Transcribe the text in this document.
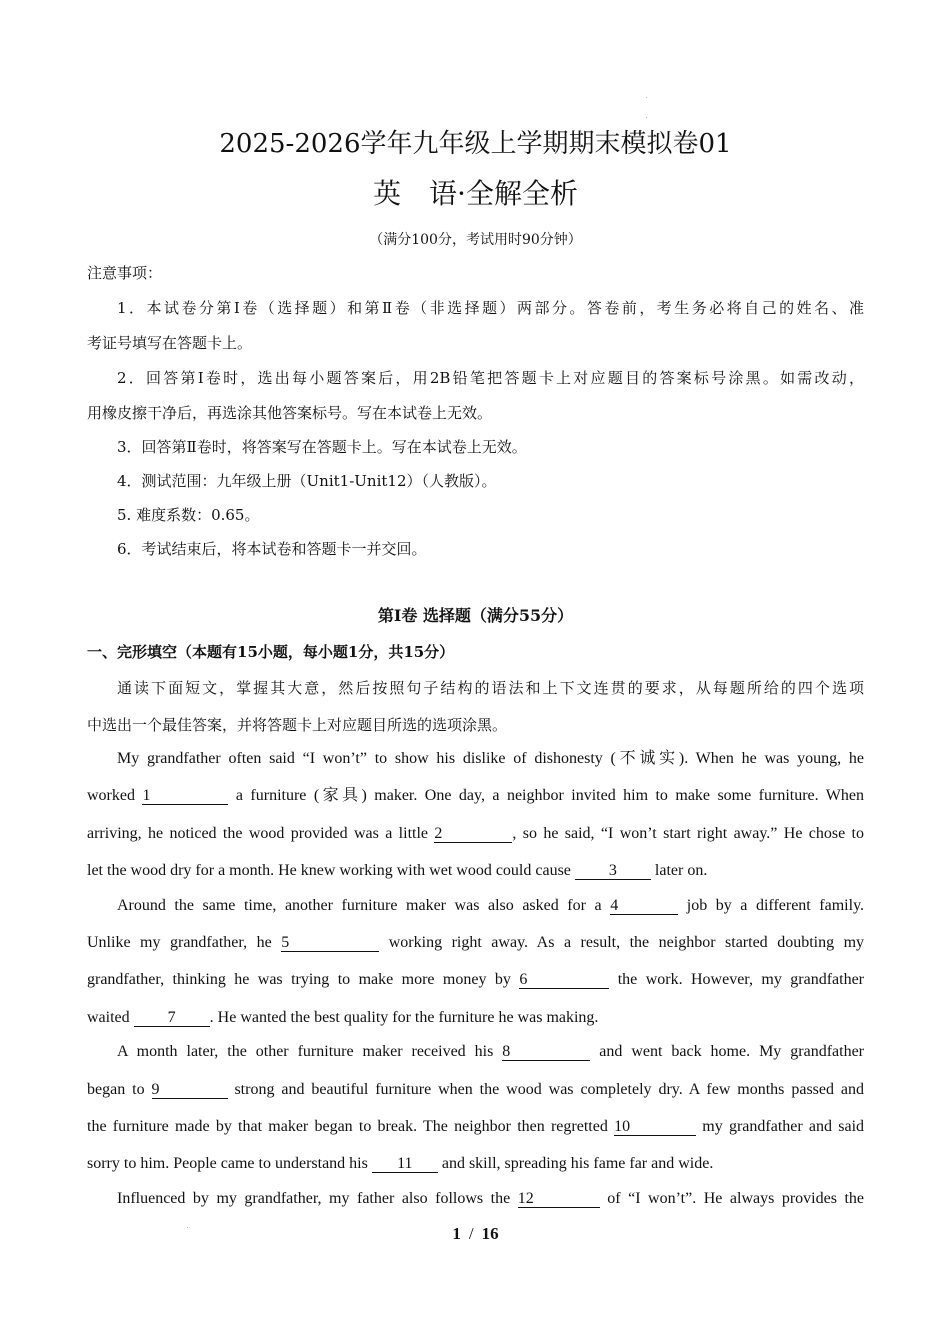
2025-2026学年九年级上学期期末模拟卷01
英　语·全解全析
（满分100分，考试用时90分钟）
注意事项：
1．本试卷分第Ⅰ卷（选择题）和第Ⅱ卷（非选择题）两部分。答卷前，考生务必将自己的姓名、准
考证号填写在答题卡上。
2．回答第Ⅰ卷时，选出每小题答案后，用2B铅笔把答题卡上对应题目的答案标号涂黑。如需改动，
用橡皮擦干净后，再选涂其他答案标号。写在本试卷上无效。
3．回答第Ⅱ卷时，将答案写在答题卡上。写在本试卷上无效。
4．测试范围：九年级上册（Unit1-Unit12）（人教版）。
5. 难度系数：0.65。
6．考试结束后，将本试卷和答题卡一并交回。
第Ⅰ卷 选择题（满分55分）
一、完形填空（本题有15小题，每小题1分，共15分）
通读下面短文，掌握其大意，然后按照句子结构的语法和上下文连贯的要求，从每题所给的四个选项
中选出一个最佳答案，并将答题卡上对应题目所选的选项涂黑。
My grandfather often said “I won’t” to show his dislike of dishonesty (不诚实). When he was young, he
worked 1	a furniture (家具) maker. One day, a neighbor invited him to make some furniture. When
arriving, he noticed the wood provided was a little 2	, so he said, “I won’t start right away.” He chose to
let the wood dry for a month. He knew working with wet wood could cause 3 later on.
Around the same time, another furniture maker was also asked for a 4	job by a different family.
Unlike my grandfather, he 5	working right away. As a result, the neighbor started doubting my
grandfather, thinking he was trying to make more money by 6	the work. However, my grandfather
waited 7 . He wanted the best quality for the furniture he was making.
A month later, the other furniture maker received his 8	and went back home. My grandfather
began to 9	strong and beautiful furniture when the wood was completely dry. A few months passed and
the furniture made by that maker began to break. The neighbor then regretted 10	my grandfather and said
sorry to him. People came to understand his 11 and skill, spreading his fame far and wide.
Influenced by my grandfather, my father also follows the 12	of “I won’t”. He always provides the
1 / 16
